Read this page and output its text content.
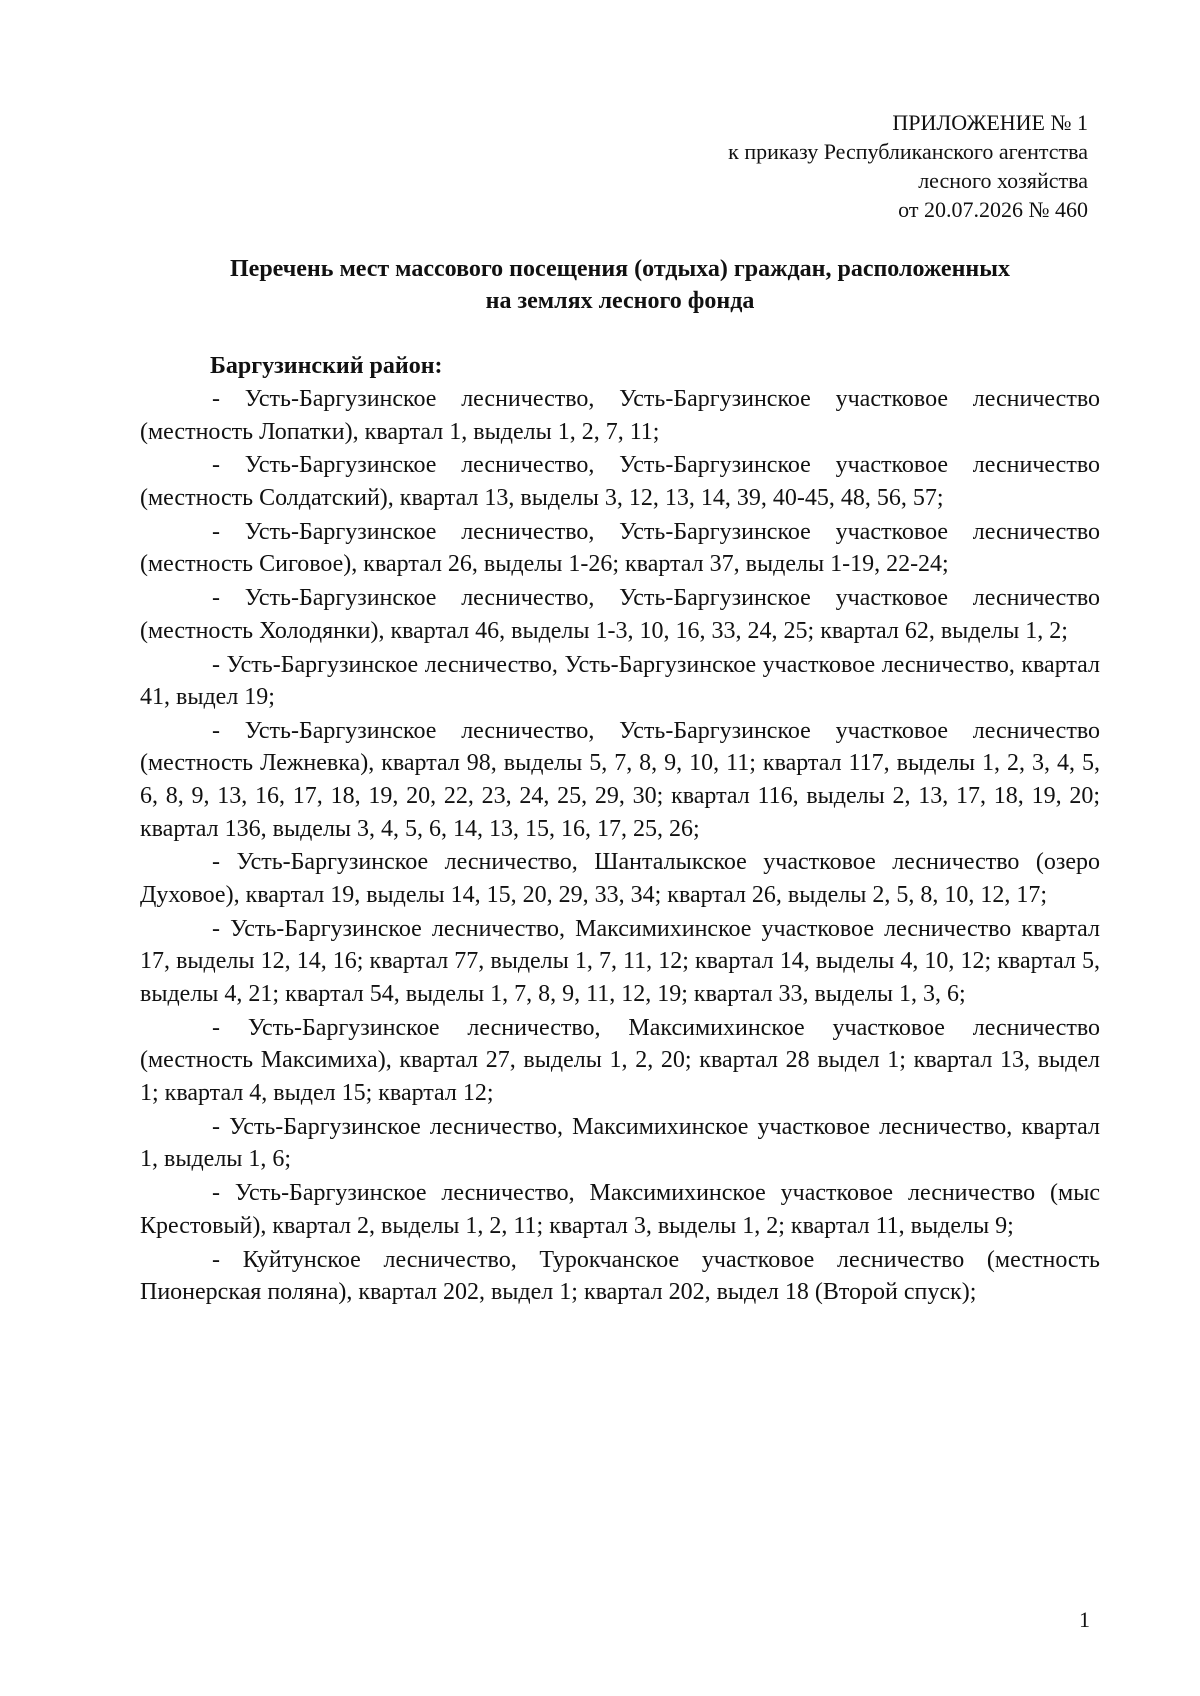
ПРИЛОЖЕНИЕ № 1
к приказу Республиканского агентства
лесного хозяйства
от 20.07.2026 № 460
Перечень мест массового посещения (отдыха) граждан, расположенных
на землях лесного фонда
Баргузинский район:

- Усть-Баргузинское лесничество, Усть-Баргузинское участковое лесничество (местность Лопатки), квартал 1, выделы 1, 2, 7, 11;

- Усть-Баргузинское лесничество, Усть-Баргузинское участковое лесничество (местность Солдатский), квартал 13, выделы 3, 12, 13, 14, 39, 40-45, 48, 56, 57;

- Усть-Баргузинское лесничество, Усть-Баргузинское участковое лесничество (местность Сиговое), квартал 26, выделы 1-26; квартал 37, выделы 1-19, 22-24;

- Усть-Баргузинское лесничество, Усть-Баргузинское участковое лесничество (местность Холодянки), квартал 46, выделы 1-3, 10, 16, 33, 24, 25; квартал 62, выделы 1, 2;

- Усть-Баргузинское лесничество, Усть-Баргузинское участковое лесничество, квартал 41, выдел 19;

- Усть-Баргузинское лесничество, Усть-Баргузинское участковое лесничество (местность Лежневка), квартал 98, выделы 5, 7, 8, 9, 10, 11; квартал 117, выделы 1, 2, 3, 4, 5, 6, 8, 9, 13, 16, 17, 18, 19, 20, 22, 23, 24, 25, 29, 30; квартал 116, выделы 2, 13, 17, 18, 19, 20; квартал 136, выделы 3, 4, 5, 6, 14, 13, 15, 16, 17, 25, 26;

- Усть-Баргузинское лесничество, Шанталыкское участковое лесничество (озеро Духовое), квартал 19, выделы 14, 15, 20, 29, 33, 34; квартал 26, выделы 2, 5, 8, 10, 12, 17;

- Усть-Баргузинское лесничество, Максимихинское участковое лесничество квартал 17, выделы 12, 14, 16; квартал 77, выделы 1, 7, 11, 12; квартал 14, выделы 4, 10, 12; квартал 5, выделы 4, 21; квартал 54, выделы 1, 7, 8, 9, 11, 12, 19; квартал 33, выделы 1, 3, 6;

- Усть-Баргузинское лесничество, Максимихинское участковое лесничество (местность Максимиха), квартал 27, выделы 1, 2, 20; квартал 28 выдел 1; квартал 13, выдел 1; квартал 4, выдел 15; квартал 12;

- Усть-Баргузинское лесничество, Максимихинское участковое лесничество, квартал 1, выделы 1, 6;

- Усть-Баргузинское лесничество, Максимихинское участковое лесничество (мыс Крестовый), квартал 2, выделы 1, 2, 11; квартал 3, выделы 1, 2; квартал 11, выделы 9;

- Куйтунское лесничество, Турокчанское участковое лесничество (местность Пионерская поляна), квартал 202, выдел 1; квартал 202, выдел 18 (Второй спуск);

1
